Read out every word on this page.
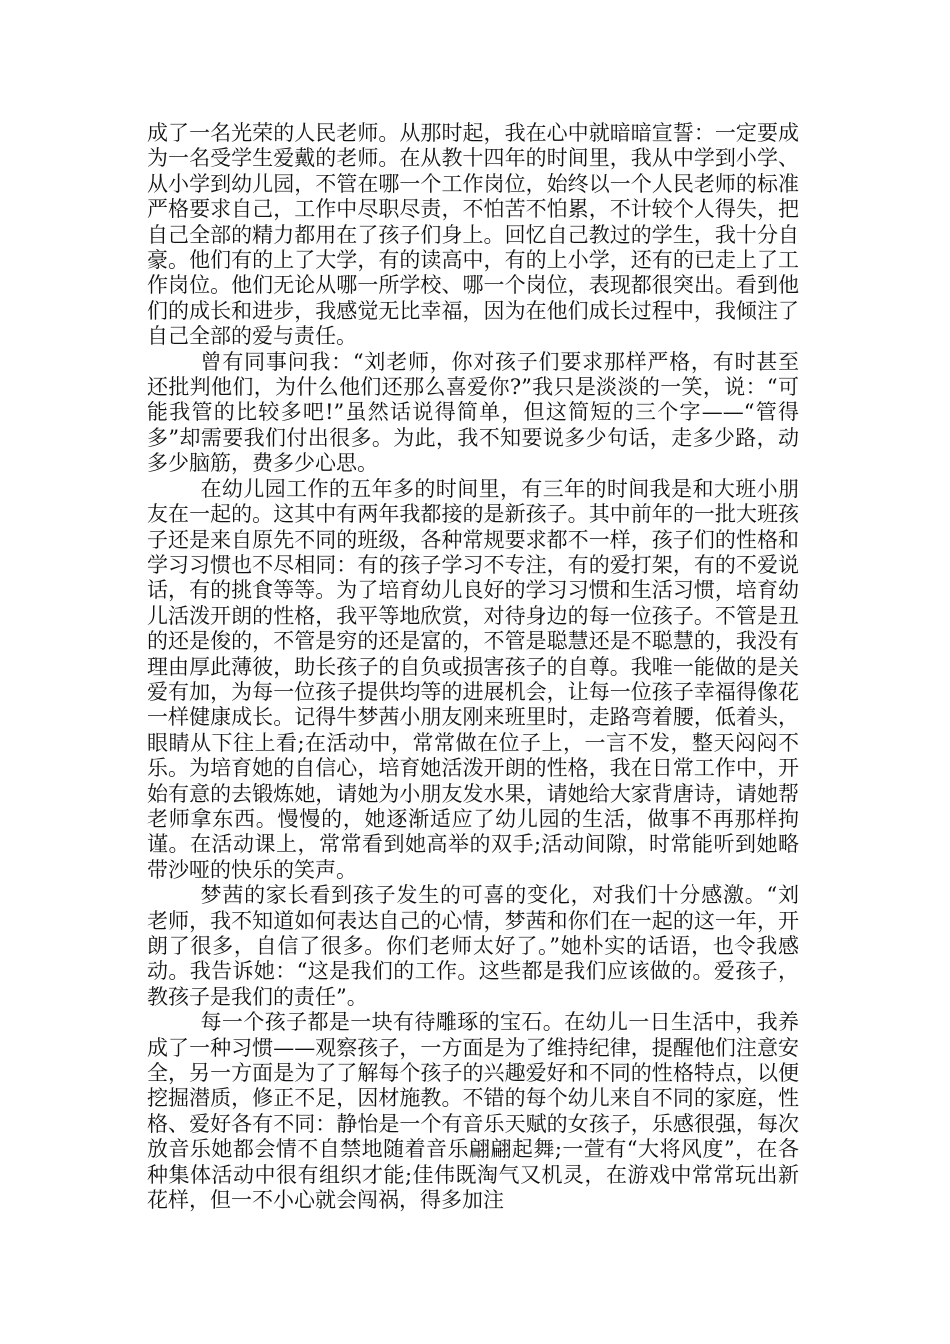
成了一名光荣的人民老师。从那时起，我在心中就暗暗宣誓：一定要成为一名受学生爱戴的老师。在从教十四年的时间里，我从中学到小学、从小学到幼儿园，不管在哪一个工作岗位，始终以一个人民老师的标准严格要求自己，工作中尽职尽责，不怕苦不怕累，不计较个人得失，把自己全部的精力都用在了孩子们身上。回忆自己教过的学生，我十分自豪。他们有的上了大学，有的读高中，有的上小学，还有的已走上了工作岗位。他们无论从哪一所学校、哪一个岗位，表现都很突出。看到他们的成长和进步，我感觉无比幸福，因为在他们成长过程中，我倾注了自己全部的爱与责任。

曾有同事问我：“刘老师，你对孩子们要求那样严格，有时甚至还批判他们，为什么他们还那么喜爱你?”我只是淡淡的一笑，说：“可能我管的比较多吧!”虽然话说得简单，但这简短的三个字——“管得多”却需要我们付出很多。为此，我不知要说多少句话，走多少路，动多少脑筋，费多少心思。

在幼儿园工作的五年多的时间里，有三年的时间我是和大班小朋友在一起的。这其中有两年我都接的是新孩子。其中前年的一批大班孩子还是来自原先不同的班级，各种常规要求都不一样，孩子们的性格和学习习惯也不尽相同：有的孩子学习不专注，有的爱打架，有的不爱说话，有的挑食等等。为了培育幼儿良好的学习习惯和生活习惯，培育幼儿活泼开朗的性格，我平等地欣赏，对待身边的每一位孩子。不管是丑的还是俊的，不管是穷的还是富的，不管是聪慧还是不聪慧的，我没有理由厚此薄彼，助长孩子的自负或损害孩子的自尊。我唯一能做的是关爱有加，为每一位孩子提供均等的进展机会，让每一位孩子幸福得像花一样健康成长。记得牛梦茜小朋友刚来班里时，走路弯着腰，低着头，眼睛从下往上看;在活动中，常常做在位子上，一言不发，整天闷闷不乐。为培育她的自信心，培育她活泼开朗的性格，我在日常工作中，开始有意的去锻炼她，请她为小朋友发水果，请她给大家背唐诗，请她帮老师拿东西。慢慢的，她逐渐适应了幼儿园的生活，做事不再那样拘谨。在活动课上，常常看到她高举的双手;活动间隙，时常能听到她略带沙哑的快乐的笑声。

梦茜的家长看到孩子发生的可喜的变化，对我们十分感激。“刘老师，我不知道如何表达自己的心情，梦茜和你们在一起的这一年，开朗了很多，自信了很多。你们老师太好了。”她朴实的话语，也令我感动。我告诉她：“这是我们的工作。这些都是我们应该做的。爱孩子，教孩子是我们的责任”。

每一个孩子都是一块有待雕琢的宝石。在幼儿一日生活中，我养成了一种习惯——观察孩子，一方面是为了维持纪律，提醒他们注意安全，另一方面是为了了解每个孩子的兴趣爱好和不同的性格特点，以便挖掘潜质，修正不足，因材施教。不错的每个幼儿来自不同的家庭，性格、爱好各有不同：静怡是一个有音乐天赋的女孩子，乐感很强，每次放音乐她都会情不自禁地随着音乐翩翩起舞;一萱有“大将风度”，在各种集体活动中很有组织才能;佳伟既淘气又机灵，在游戏中常常玩出新花样，但一不小心就会闯祸，得多加注
